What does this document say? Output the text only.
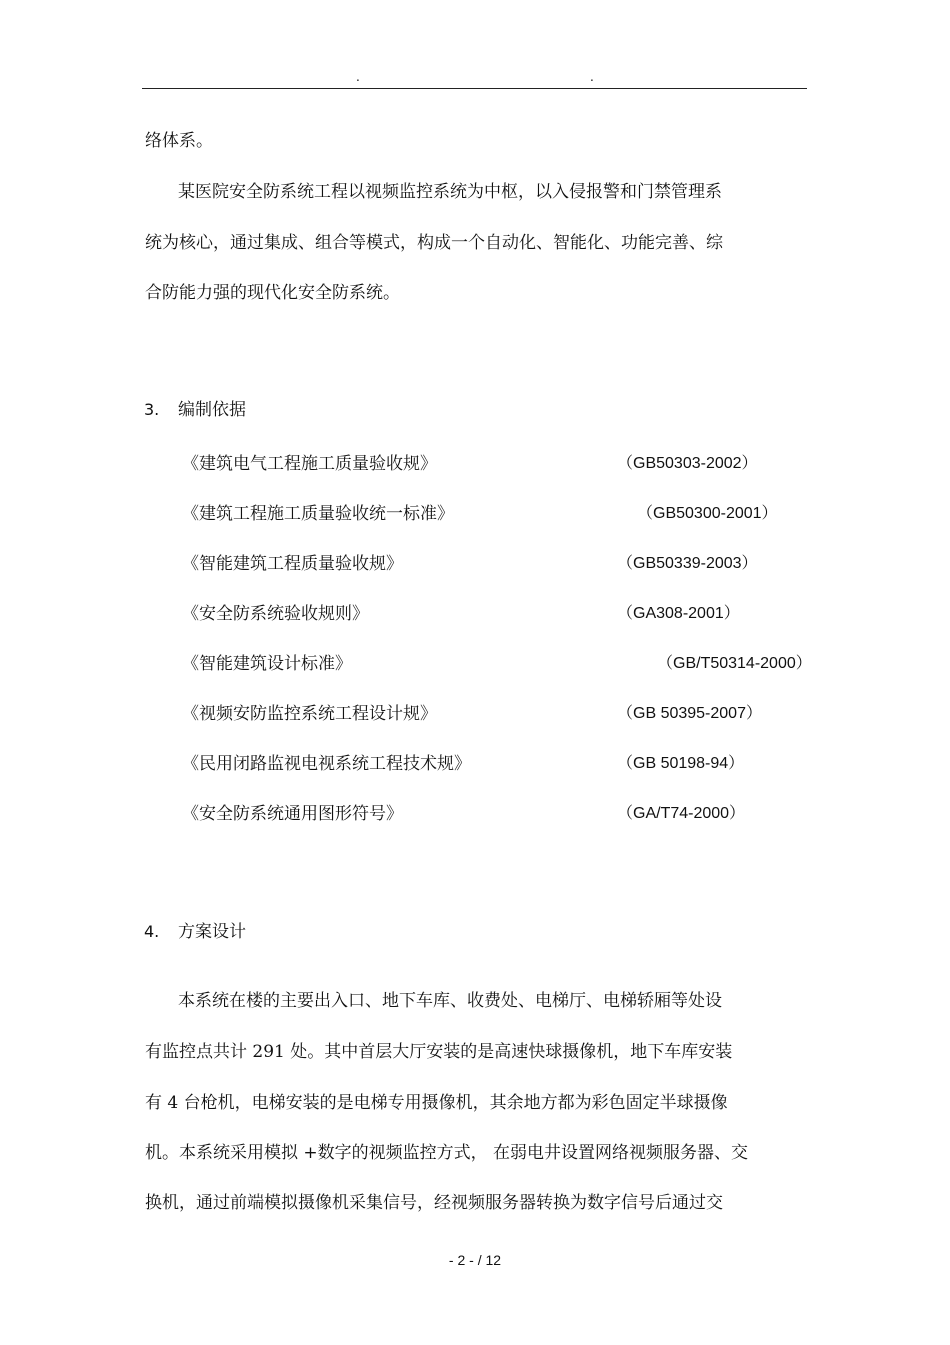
.	.
络体系。
某医院安全防系统工程以视频监控系统为中枢，以入侵报警和门禁管理系
统为核心，通过集成、组合等模式，构成一个自动化、智能化、功能完善、综
合防能力强的现代化安全防系统。
3. 编制依据
《建筑电气工程施工质量验收规》	（GB50303-2002）
《建筑工程施工质量验收统一标准》	（GB50300-2001）
《智能建筑工程质量验收规》	（GB50339-2003）
《安全防系统验收规则》	（GA308-2001）
《智能建筑设计标准》	（GB/T50314-2000）
《视频安防监控系统工程设计规》	（GB 50395-2007）
《民用闭路监视电视系统工程技术规》	（GB 50198-94）
《安全防系统通用图形符号》	（GA/T74-2000）
4. 方案设计
本系统在楼的主要出入口、地下车库、收费处、电梯厅、电梯轿厢等处设
有监控点共计 291 处。其中首层大厅安装的是高速快球摄像机，地下车库安装
有 4 台枪机，电梯安装的是电梯专用摄像机，其余地方都为彩色固定半球摄像
机。本系统采用模拟 +数字的视频监控方式， 在弱电井设置网络视频服务器、交
换机，通过前端模拟摄像机采集信号，经视频服务器转换为数字信号后通过交
- 2 - / 12
